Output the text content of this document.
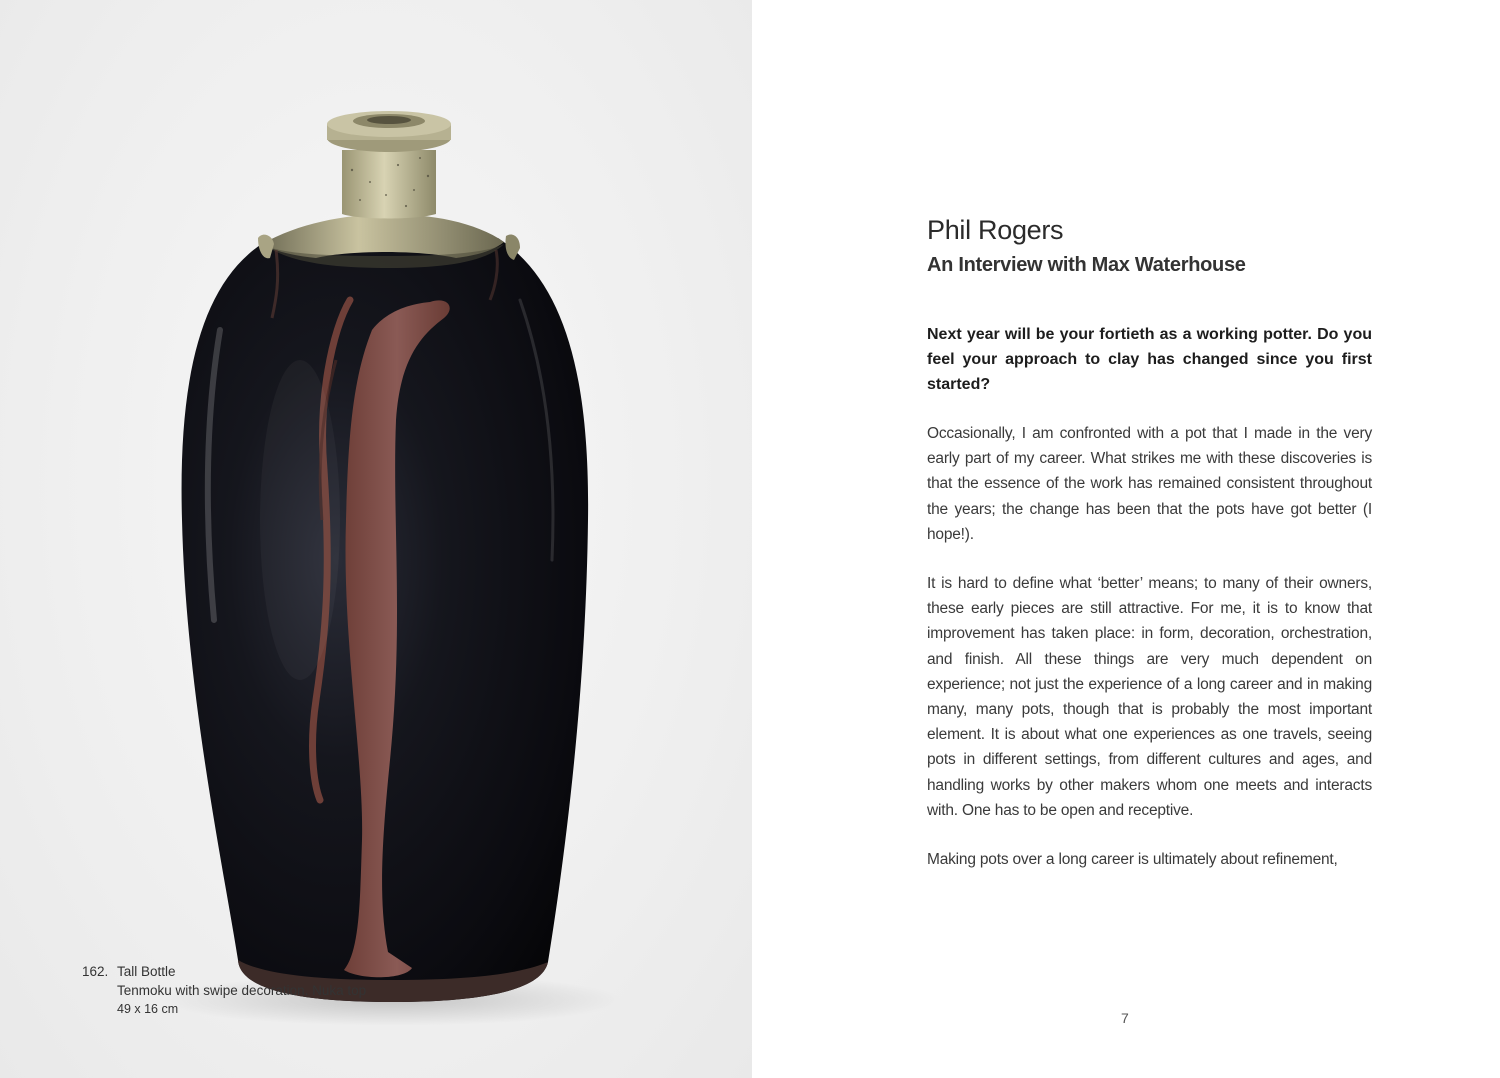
162. Tall Bottle
Tenmoku with swipe decoration. Nuka top
49 x 16 cm
Phil Rogers
An Interview with Max Waterhouse

Next year will be your fortieth as a working potter. Do you feel your approach to clay has changed since you first started?

Occasionally, I am confronted with a pot that I made in the very early part of my career. What strikes me with these discoveries is that the essence of the work has remained consistent throughout the years; the change has been that the pots have got better (I hope!).

It is hard to define what ‘better’ means; to many of their owners, these early pieces are still attractive. For me, it is to know that improvement has taken place: in form, decoration, orchestration, and finish. All these things are very much dependent on experience; not just the experience of a long career and in making many, many pots, though that is probably the most important element. It is about what one experiences as one travels, seeing pots in different settings, from different cultures and ages, and handling works by other makers whom one meets and interacts with. One has to be open and receptive.

Making pots over a long career is ultimately about refinement,

7
